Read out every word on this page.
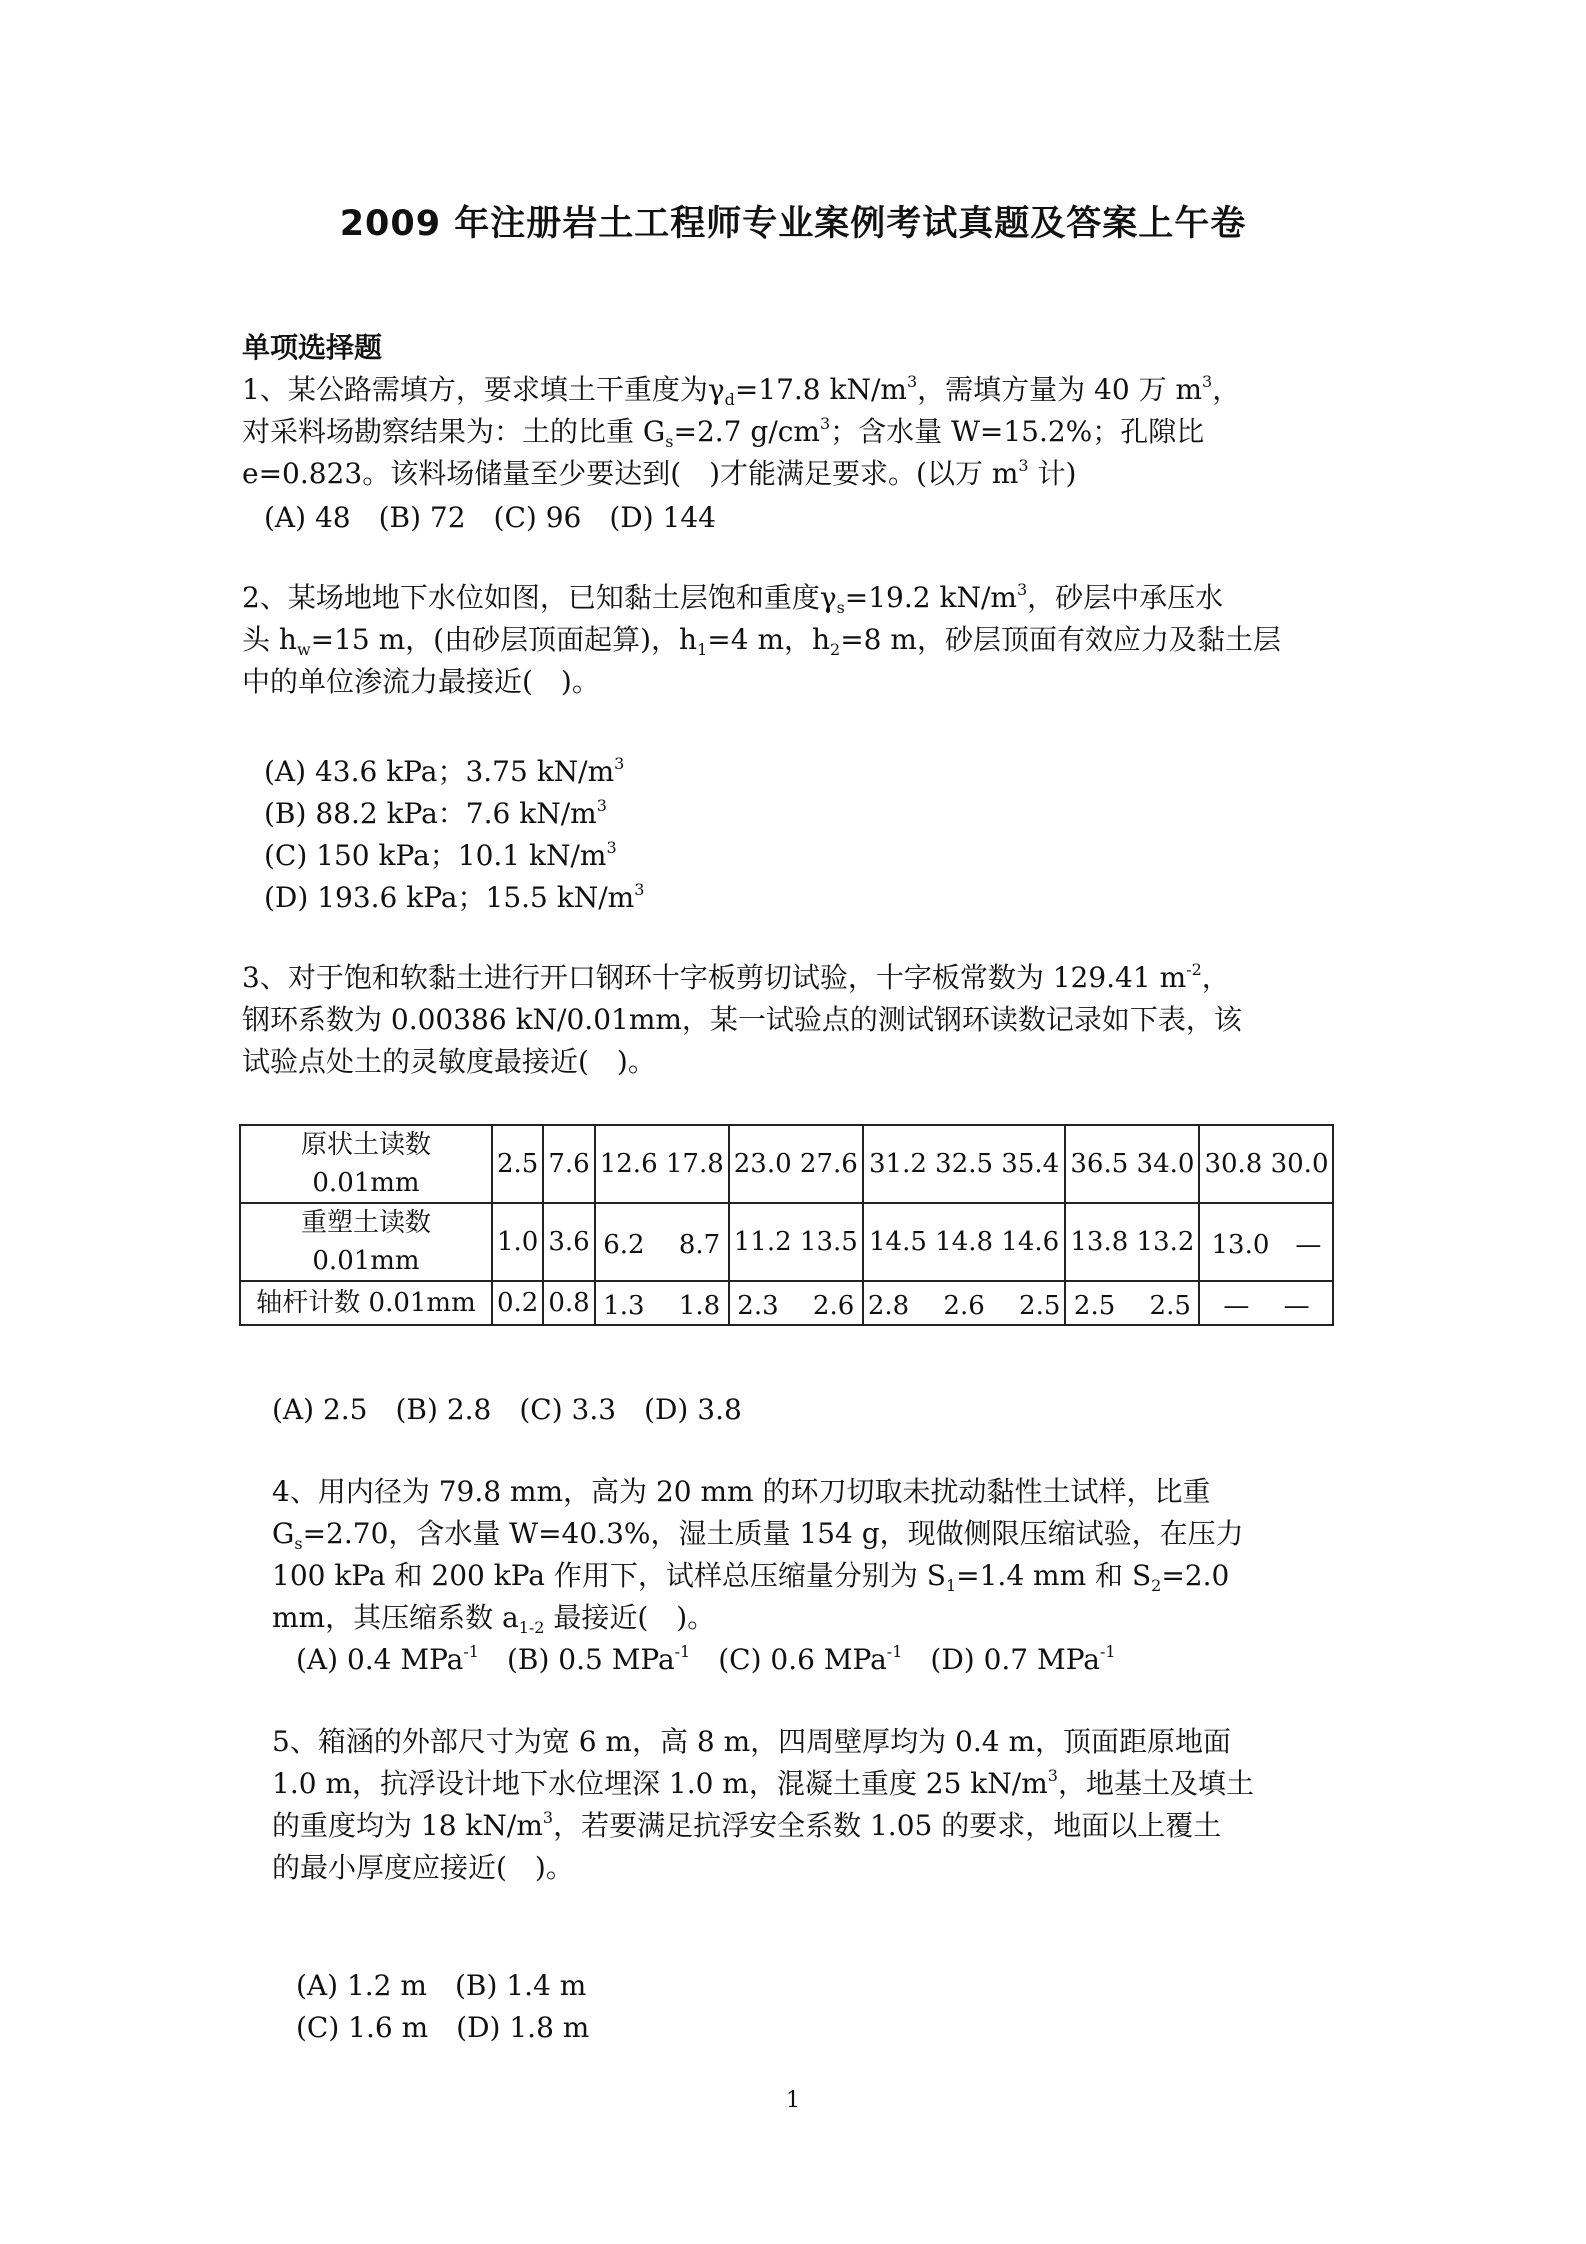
2009 年注册岩土工程师专业案例考试真题及答案上午卷
单项选择题
1、某公路需填方，要求填土干重度为$\gamma_d=17.8$ $kN/m^3$，需填方量为 40 万 $m^3$，
对采料场勘察结果为：土的比重 $G_s=2.7$ $g/cm^3$；含水量 W=15.2%；孔隙比
e=0.823。该料场储量至少要达到(　)才能满足要求。(以万 $m^3$ 计)
(A) 48　(B) 72　(C) 96　(D) 144
2、某场地地下水位如图，已知黏土层饱和重度$\gamma_s=19.2$ $kN/m^3$，砂层中承压水
头 $h_w=15$ m，(由砂层顶面起算)，$h_1=4$ m，$h_2=8$ m，砂层顶面有效应力及黏土层
中的单位渗流力最接近(　)。
(A) 43.6 kPa；3.75 $kN/m^3$
(B) 88.2 kPa：7.6 $kN/m^3$
(C) 150 kPa；10.1 $kN/m^3$
(D) 193.6 kPa；15.5 $kN/m^3$
3、对于饱和软黏土进行开口钢环十字板剪切试验，十字板常数为 129.41 $m^{-2}$，
钢环系数为 0.00386 kN/0.01mm，某一试验点的测试钢环读数记录如下表，该
试验点处土的灵敏度最接近(　)。
原状土读数
0.01mm	2.5	7.6	12.6 17.8	23.0 27.6	31.2 32.5 35.4	36.5 34.0	30.8 30.0
重塑土读数
0.01mm	1.0	3.6	6.2　 8.7	11.2 13.5	14.5 14.8 14.6	13.8 13.2	13.0　—
轴杆计数 0.01mm	0.2	0.8	1.3　 1.8	2.3　 2.6	2.8　 2.6　 2.5	2.5　 2.5	—　 —
(A) 2.5　(B) 2.8　(C) 3.3　(D) 3.8
4、用内径为 79.8 mm，高为 20 mm 的环刀切取未扰动黏性土试样，比重
$G_s=2.70$，含水量 W=40.3%，湿土质量 154 g，现做侧限压缩试验，在压力
100 kPa 和 200 kPa 作用下，试样总压缩量分别为 $S_1=1.4$ mm 和 $S_2=2.0$
mm，其压缩系数 $a_{1-2}$ 最接近(　)。
(A) 0.4 MPa$^{-1}$　(B) 0.5 MPa$^{-1}$　(C) 0.6 MPa$^{-1}$　(D) 0.7 MPa$^{-1}$
5、箱涵的外部尺寸为宽 6 m，高 8 m，四周壁厚均为 0.4 m，顶面距原地面
1.0 m，抗浮设计地下水位埋深 1.0 m，混凝土重度 25 $kN/m^3$，地基土及填土
的重度均为 18 $kN/m^3$，若要满足抗浮安全系数 1.05 的要求，地面以上覆土
的最小厚度应接近(　)。
(A) 1.2 m　(B) 1.4 m
(C) 1.6 m　(D) 1.8 m
1
